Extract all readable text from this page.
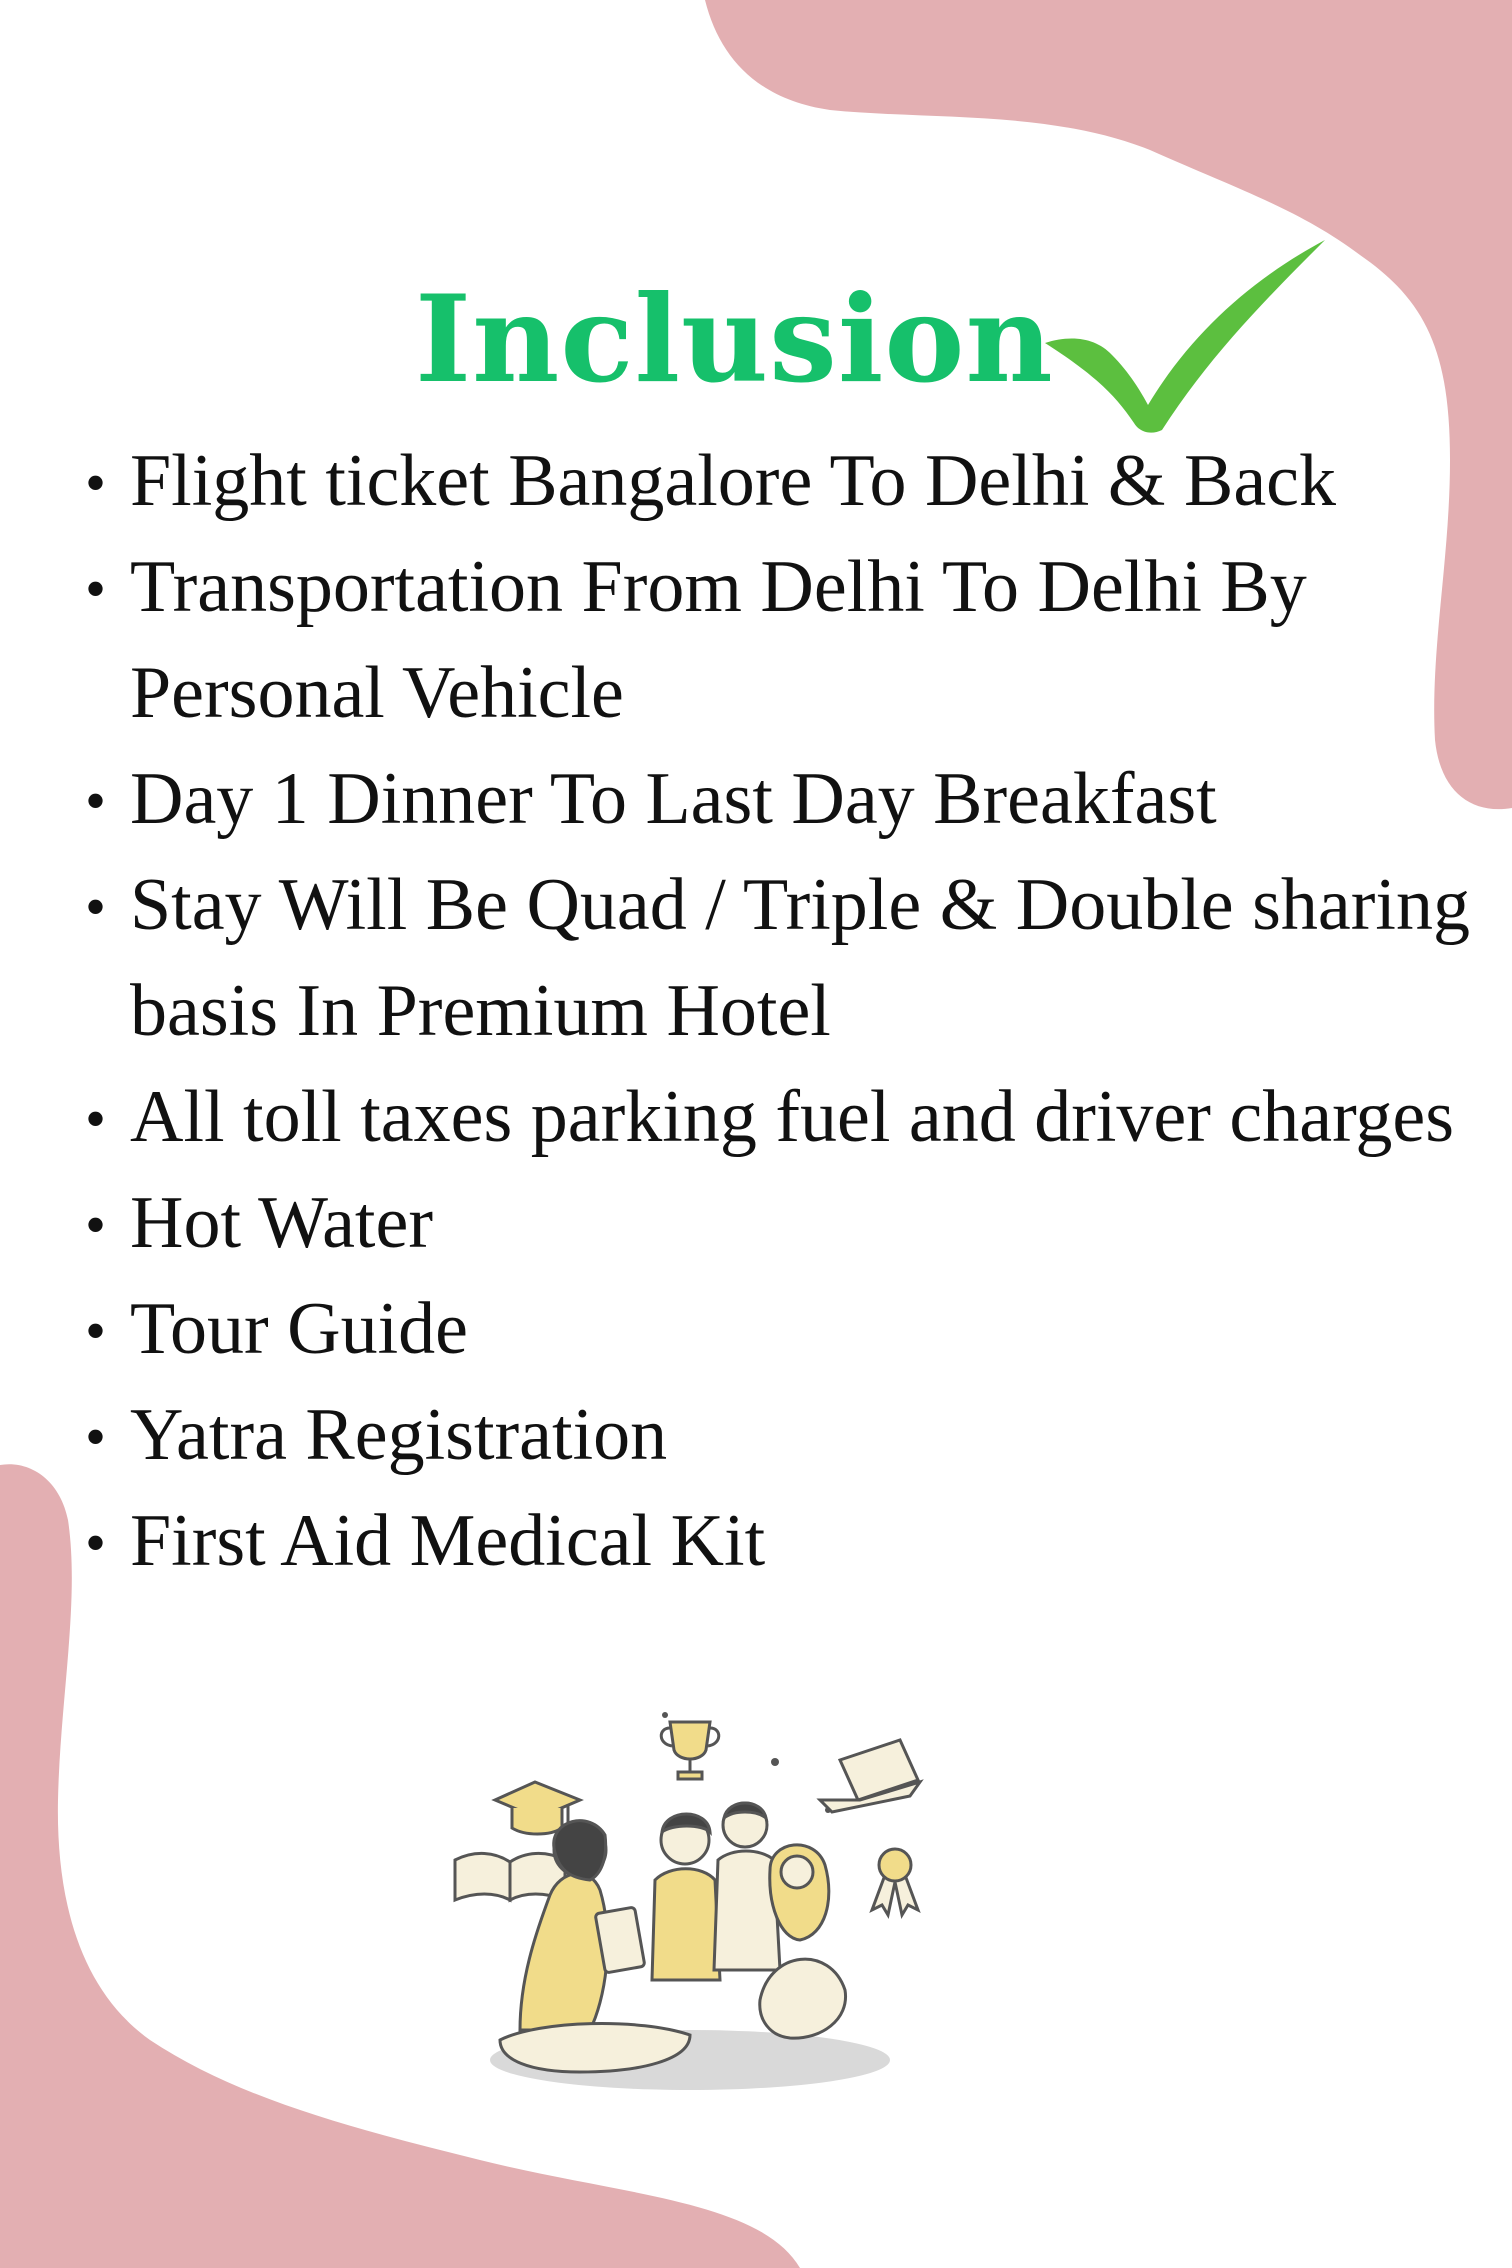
Inclusion
• Flight ticket Bangalore To Delhi & Back
• Transportation From Delhi To Delhi By Personal Vehicle
• Day 1 Dinner To Last Day Breakfast
• Stay Will Be Quad / Triple & Double sharing basis In Premium Hotel
• All toll taxes parking fuel and driver charges
• Hot Water
• Tour Guide
• Yatra Registration
• First Aid Medical Kit
